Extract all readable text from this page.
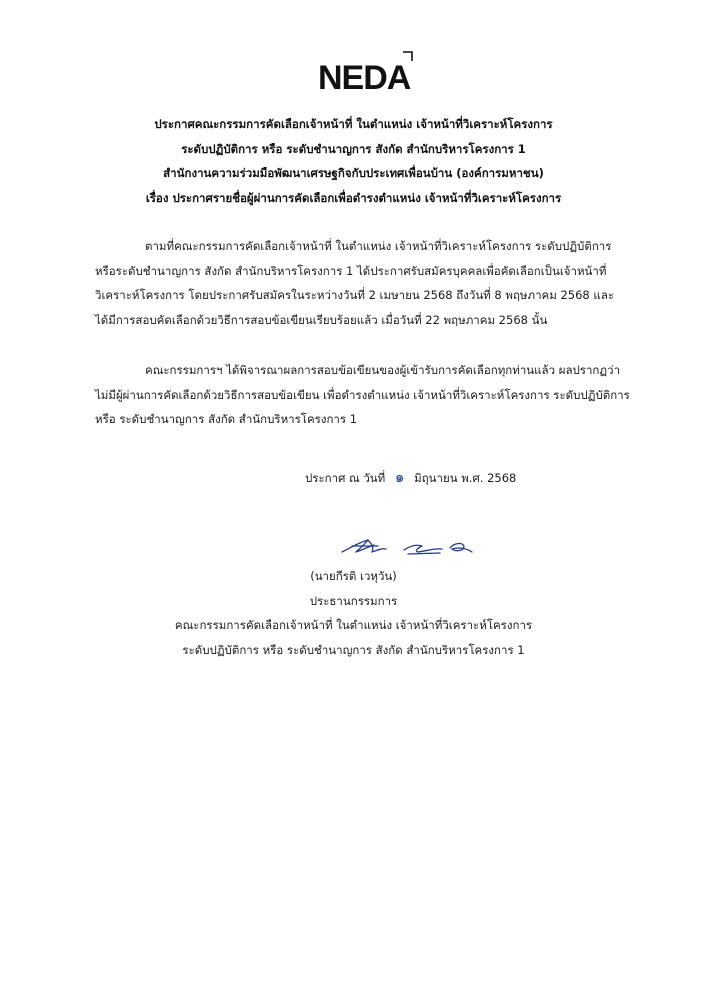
NEDA
ประกาศคณะกรรมการคัดเลือกเจ้าหน้าที่ ในตำแหน่ง เจ้าหน้าที่วิเคราะห์โครงการ
ระดับปฏิบัติการ หรือ ระดับชำนาญการ สังกัด สำนักบริหารโครงการ 1
สำนักงานความร่วมมือพัฒนาเศรษฐกิจกับประเทศเพื่อนบ้าน (องค์การมหาชน)
เรื่อง ประกาศรายชื่อผู้ผ่านการคัดเลือกเพื่อดำรงตำแหน่ง เจ้าหน้าที่วิเคราะห์โครงการ
ตามที่คณะกรรมการคัดเลือกเจ้าหน้าที่ ในตำแหน่ง เจ้าหน้าที่วิเคราะห์โครงการ ระดับปฏิบัติการ
หรือระดับชำนาญการ สังกัด สำนักบริหารโครงการ 1 ได้ประกาศรับสมัครบุคคลเพื่อคัดเลือกเป็นเจ้าหน้าที่
วิเคราะห์โครงการ โดยประกาศรับสมัครในระหว่างวันที่ 2 เมษายน 2568 ถึงวันที่ 8 พฤษภาคม 2568 และ
ได้มีการสอบคัดเลือกด้วยวิธีการสอบข้อเขียนเรียบร้อยแล้ว เมื่อวันที่ 22 พฤษภาคม 2568 นั้น
คณะกรรมการฯ ได้พิจารณาผลการสอบข้อเขียนของผู้เข้ารับการคัดเลือกทุกท่านแล้ว ผลปรากฏว่า
ไม่มีผู้ผ่านการคัดเลือกด้วยวิธีการสอบข้อเขียน เพื่อดำรงตำแหน่ง เจ้าหน้าที่วิเคราะห์โครงการ ระดับปฏิบัติการ
หรือ ระดับชำนาญการ สังกัด สำนักบริหารโครงการ 1
ประกาศ ณ วันที่ ๑ มิถุนายน พ.ศ. 2568
(นายกีรติ เวหุวัน)
ประธานกรรมการ
คณะกรรมการคัดเลือกเจ้าหน้าที่ ในตำแหน่ง เจ้าหน้าที่วิเคราะห์โครงการ
ระดับปฏิบัติการ หรือ ระดับชำนาญการ สังกัด สำนักบริหารโครงการ 1
